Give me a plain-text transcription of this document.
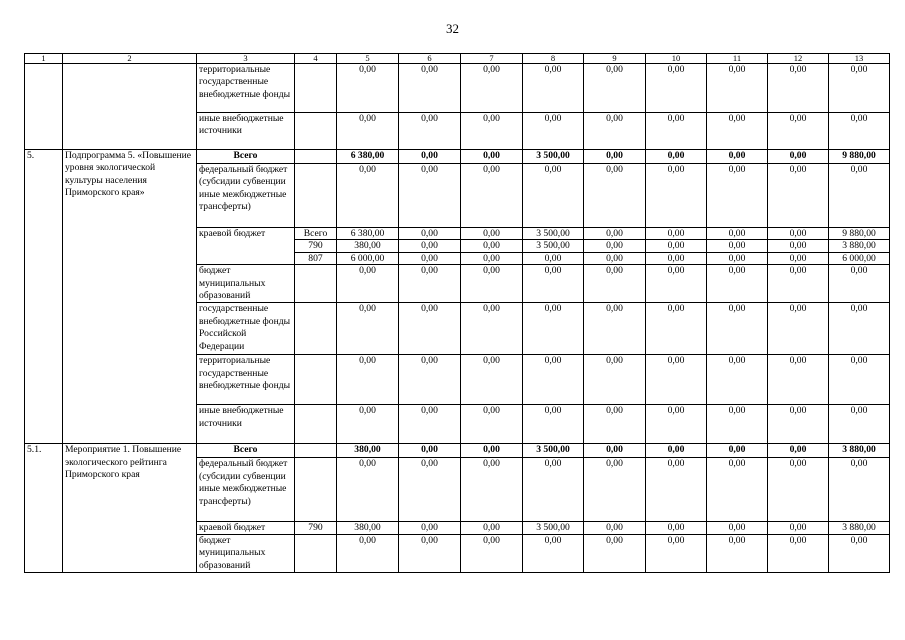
32
1	2	3	4	5	6	7	8	9	10	11	12	13
		территориальные государственные внебюджетные фонды		0,00	0,00	0,00	0,00	0,00	0,00	0,00	0,00	0,00
		иные внебюджетные источники		0,00	0,00	0,00	0,00	0,00	0,00	0,00	0,00	0,00
5.	Подпрограмма 5. «Повышение уровня экологической культуры населения Приморского края»	Всего		6 380,00	0,00	0,00	3 500,00	0,00	0,00	0,00	0,00	9 880,00
		федеральный бюджет (субсидии субвенции иные межбюджетные трансферты)		0,00	0,00	0,00	0,00	0,00	0,00	0,00	0,00	0,00
		краевой бюджет	Всего	6 380,00	0,00	0,00	3 500,00	0,00	0,00	0,00	0,00	9 880,00
			790	380,00	0,00	0,00	3 500,00	0,00	0,00	0,00	0,00	3 880,00
			807	6 000,00	0,00	0,00	0,00	0,00	0,00	0,00	0,00	6 000,00
		бюджет муниципальных образований		0,00	0,00	0,00	0,00	0,00	0,00	0,00	0,00	0,00
		государственные внебюджетные фонды Российской Федерации		0,00	0,00	0,00	0,00	0,00	0,00	0,00	0,00	0,00
		территориальные государственные внебюджетные фонды		0,00	0,00	0,00	0,00	0,00	0,00	0,00	0,00	0,00
		иные внебюджетные источники		0,00	0,00	0,00	0,00	0,00	0,00	0,00	0,00	0,00
5.1.	Мероприятие 1. Повышение экологического рейтинга Приморского края	Всего		380,00	0,00	0,00	3 500,00	0,00	0,00	0,00	0,00	3 880,00
		федеральный бюджет (субсидии субвенции иные межбюджетные трансферты)		0,00	0,00	0,00	0,00	0,00	0,00	0,00	0,00	0,00
		краевой бюджет	790	380,00	0,00	0,00	3 500,00	0,00	0,00	0,00	0,00	3 880,00
		бюджет муниципальных образований		0,00	0,00	0,00	0,00	0,00	0,00	0,00	0,00	0,00
